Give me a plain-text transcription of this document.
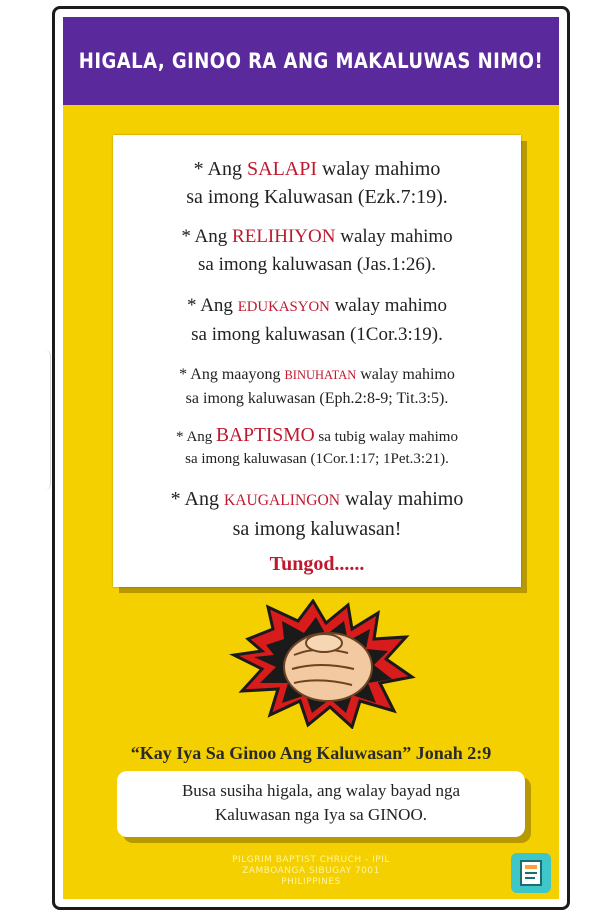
HIGALA, GINOO RA ANG MAKALUWAS NIMO!
* Ang SALAPI walay mahimo
sa imong Kaluwasan (Ezk.7:19).
* Ang RELIHIYON walay mahimo
sa imong kaluwasan (Jas.1:26).
* Ang EDUKASYON walay mahimo
sa imong kaluwasan (1Cor.3:19).
* Ang maayong BINUHATAN walay mahimo
sa imong kaluwasan (Eph.2:8-9; Tit.3:5).
* Ang BAPTISMO sa tubig walay mahimo
sa imong kaluwasan (1Cor.1:17; 1Pet.3:21).
* Ang KAUGALINGON walay mahimo
sa imong kaluwasan!
Tungod......
“Kay Iya Sa Ginoo Ang Kaluwasan” Jonah 2:9
Busa susiha higala, ang walay bayad nga
Kaluwasan nga Iya sa GINOO.
PILGRIM BAPTIST CHRUCH - IPIL
ZAMBOANGA SIBUGAY 7001
PHILIPPINES
